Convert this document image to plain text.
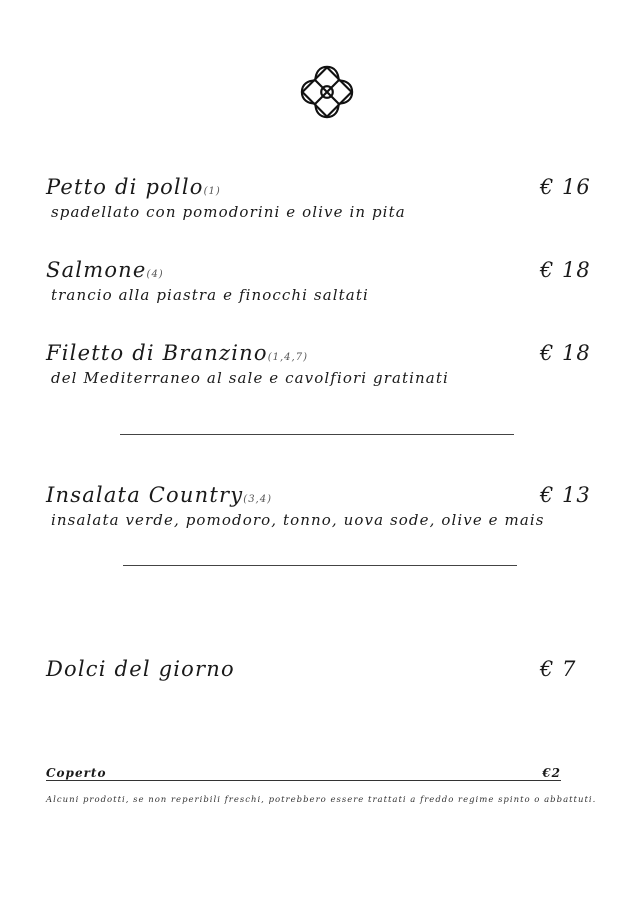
Petto di pollo(1)	€ 16
spadellato con pomodorini e olive in pita
Salmone(4)	€ 18
trancio alla piastra e finocchi saltati
Filetto di Branzino(1,4,7)	€ 18
del Mediterraneo al sale e cavolfiori gratinati
Insalata Country(3,4)	€ 13
insalata verde, pomodoro, tonno, uova sode, olive e mais
Dolci del giorno	€ 7
Coperto	€2
Alcuni prodotti, se non reperibili freschi, potrebbero essere trattati a freddo regime spinto o abbattuti.
